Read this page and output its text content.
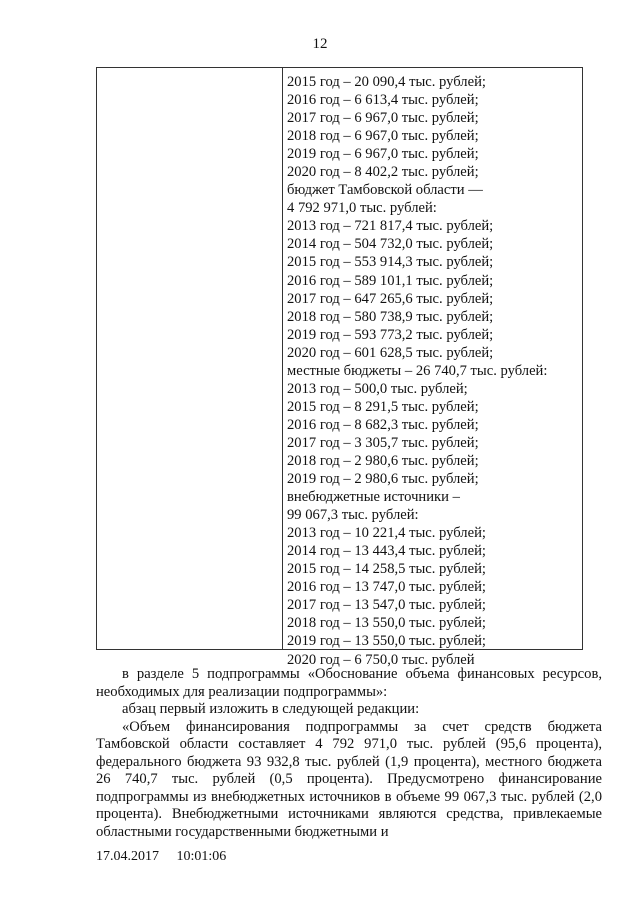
12
2015 год – 20 090,4 тыс. рублей;
2016 год – 6 613,4 тыс. рублей;
2017 год – 6 967,0 тыс. рублей;
2018 год – 6 967,0 тыс. рублей;
2019 год – 6 967,0 тыс. рублей;
2020 год – 8 402,2 тыс. рублей;
бюджет Тамбовской области —
4 792 971,0 тыс. рублей:
2013 год – 721 817,4 тыс. рублей;
2014 год – 504 732,0 тыс. рублей;
2015 год – 553 914,3 тыс. рублей;
2016 год – 589 101,1 тыс. рублей;
2017 год – 647 265,6 тыс. рублей;
2018 год – 580 738,9 тыс. рублей;
2019 год – 593 773,2 тыс. рублей;
2020 год – 601 628,5 тыс. рублей;
местные бюджеты – 26 740,7 тыс. рублей:
2013 год – 500,0 тыс. рублей;
2015 год – 8 291,5 тыс. рублей;
2016 год – 8 682,3 тыс. рублей;
2017 год – 3 305,7 тыс. рублей;
2018 год – 2 980,6 тыс. рублей;
2019 год – 2 980,6 тыс. рублей;
внебюджетные источники –
99 067,3 тыс. рублей:
2013 год – 10 221,4 тыс. рублей;
2014 год – 13 443,4 тыс. рублей;
2015 год – 14 258,5 тыс. рублей;
2016 год – 13 747,0 тыс. рублей;
2017 год – 13 547,0 тыс. рублей;
2018 год – 13 550,0 тыс. рублей;
2019 год – 13 550,0 тыс. рублей;
2020 год – 6 750,0 тыс. рублей

в разделе 5 подпрограммы «Обоснование объема финансовых ресурсов, необходимых для реализации подпрограммы»:

абзац первый изложить в следующей редакции:

«Объем финансирования подпрограммы за счет средств бюджета Тамбовской области составляет 4 792 971,0 тыс. рублей (95,6 процента), федерального бюджета 93 932,8 тыс. рублей (1,9 процента), местного бюджета 26 740,7 тыс. рублей (0,5 процента). Предусмотрено финансирование подпрограммы из внебюджетных источников в объеме 99 067,3 тыс. рублей (2,0 процента). Внебюджетными источниками являются средства, привлекаемые областными государственными бюджетными и

17.04.2017 10:01:06
